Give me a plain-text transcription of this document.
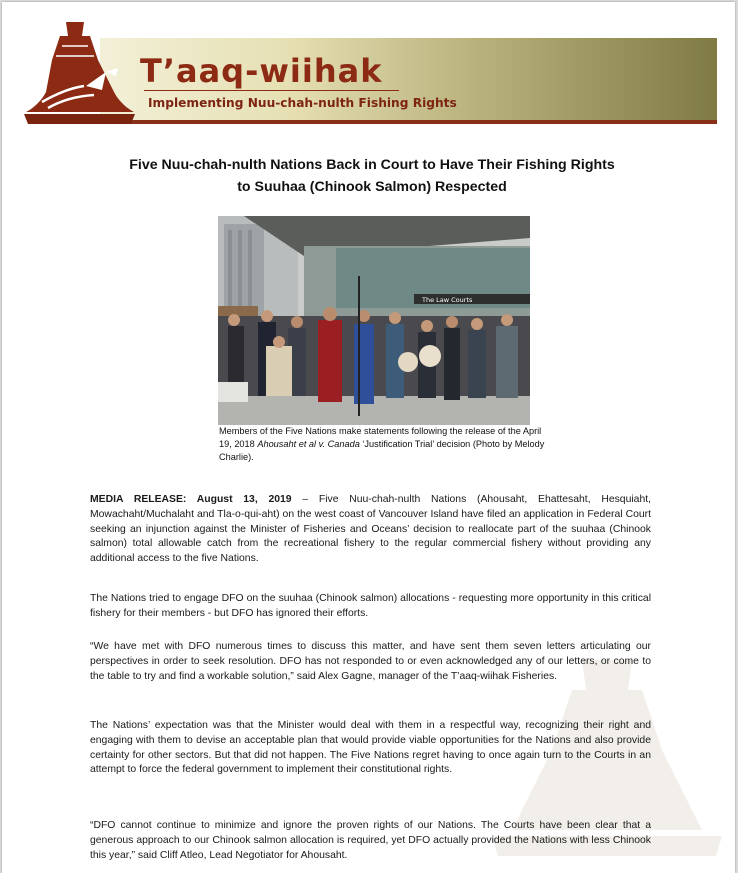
T’aaq-wiihak

Implementing Nuu-chah-nulth Fishing Rights

Five Nuu-chah-nulth Nations Back in Court to Have Their Fishing Rights
to Suuhaa (Chinook Salmon) Respected
The Law Courts

Members of the Five Nations make statements following the release of the April 19, 2018 Ahousaht et al v. Canada ‘Justification Trial’ decision (Photo by Melody Charlie).

MEDIA RELEASE: August 13, 2019 – Five Nuu-chah-nulth Nations (Ahousaht, Ehattesaht, Hesquiaht, Mowachaht/Muchalaht and Tla-o-qui-aht) on the west coast of Vancouver Island have filed an application in Federal Court seeking an injunction against the Minister of Fisheries and Oceans’ decision to reallocate part of the suuhaa (Chinook salmon) total allowable catch from the recreational fishery to the regular commercial fishery without providing any additional access to the five Nations.

The Nations tried to engage DFO on the suuhaa (Chinook salmon) allocations - requesting more opportunity in this critical fishery for their members - but DFO has ignored their efforts.

“We have met with DFO numerous times to discuss this matter, and have sent them seven letters articulating our perspectives in order to seek resolution. DFO has not responded to or even acknowledged any of our letters, or come to the table to try and find a workable solution,” said Alex Gagne, manager of the T’aaq-wiihak Fisheries.

The Nations’ expectation was that the Minister would deal with them in a respectful way, recognizing their right and engaging with them to devise an acceptable plan that would provide viable opportunities for the Nations and also provide certainty for other sectors. But that did not happen. The Five Nations regret having to once again turn to the Courts in an attempt to force the federal government to implement their constitutional rights.

“DFO cannot continue to minimize and ignore the proven rights of our Nations. The Courts have been clear that a generous approach to our Chinook salmon allocation is required, yet DFO actually provided the Nations with less Chinook this year,” said Cliff Atleo, Lead Negotiator for Ahousaht.
